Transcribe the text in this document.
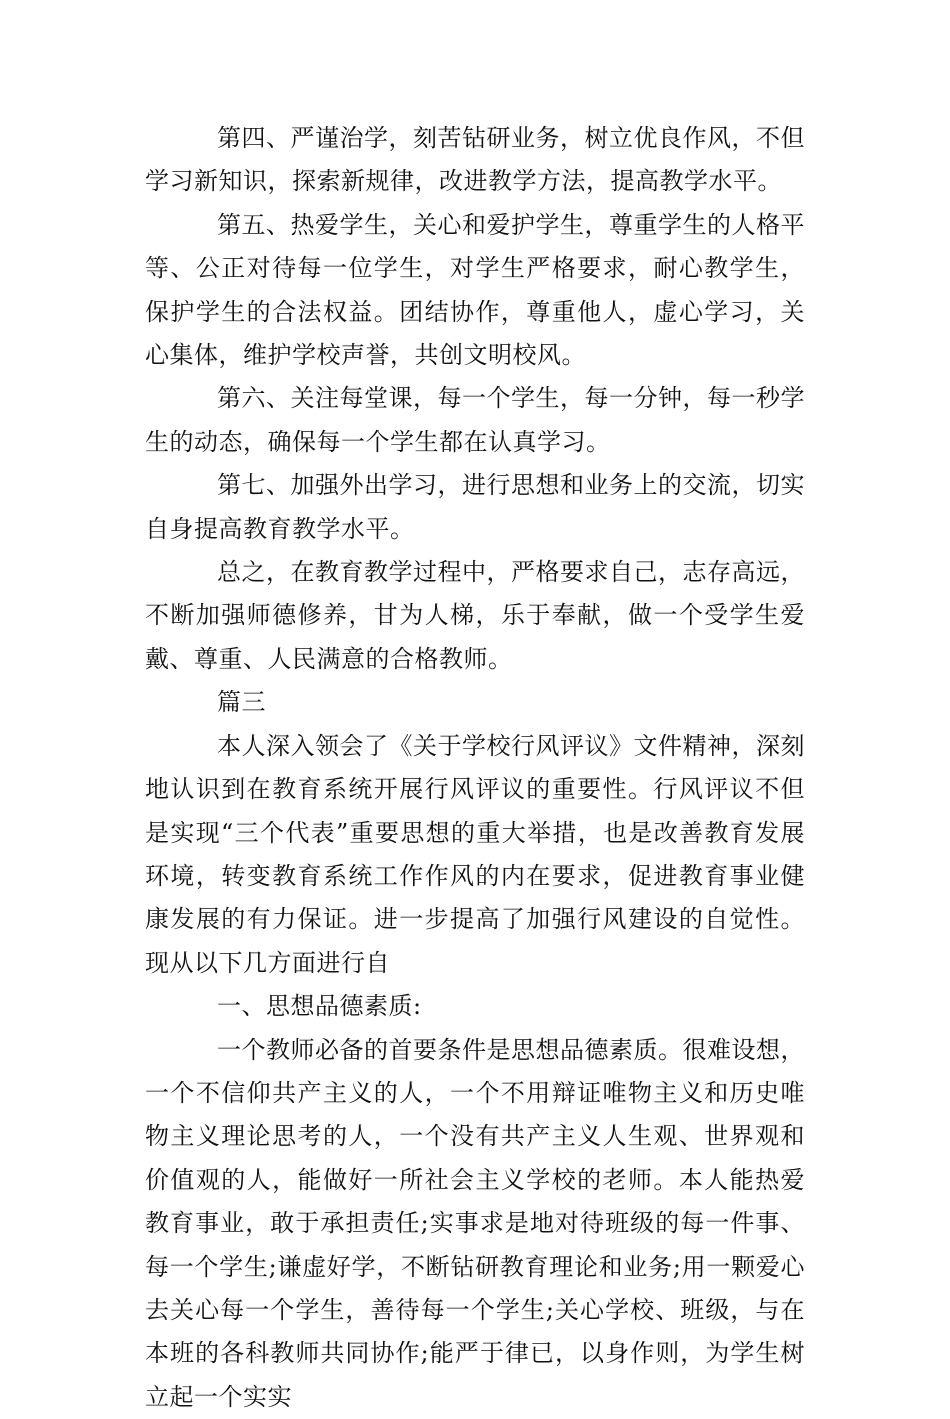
第四、严谨治学，刻苦钻研业务，树立优良作风，不但学习新知识，探索新规律，改进教学方法，提高教学水平。

第五、热爱学生，关心和爱护学生，尊重学生的人格平等、公正对待每一位学生，对学生严格要求，耐心教学生，保护学生的合法权益。团结协作，尊重他人，虚心学习，关心集体，维护学校声誉，共创文明校风。

第六、关注每堂课，每一个学生，每一分钟，每一秒学生的动态，确保每一个学生都在认真学习。

第七、加强外出学习，进行思想和业务上的交流，切实自身提高教育教学水平。

总之，在教育教学过程中，严格要求自己，志存高远，不断加强师德修养，甘为人梯，乐于奉献，做一个受学生爱戴、尊重、人民满意的合格教师。

篇三

本人深入领会了《关于学校行风评议》文件精神，深刻地认识到在教育系统开展行风评议的重要性。行风评议不但是实现“三个代表”重要思想的重大举措，也是改善教育发展环境，转变教育系统工作作风的内在要求，促进教育事业健康发展的有力保证。进一步提高了加强行风建设的自觉性。现从以下几方面进行自

一、思想品德素质:

一个教师必备的首要条件是思想品德素质。很难设想，一个不信仰共产主义的人，一个不用辩证唯物主义和历史唯物主义理论思考的人，一个没有共产主义人生观、世界观和价值观的人，能做好一所社会主义学校的老师。本人能热爱教育事业，敢于承担责任;实事求是地对待班级的每一件事、每一个学生;谦虚好学，不断钻研教育理论和业务;用一颗爱心去关心每一个学生，善待每一个学生;关心学校、班级，与在本班的各科教师共同协作;能严于律已，以身作则，为学生树立起一个实实
